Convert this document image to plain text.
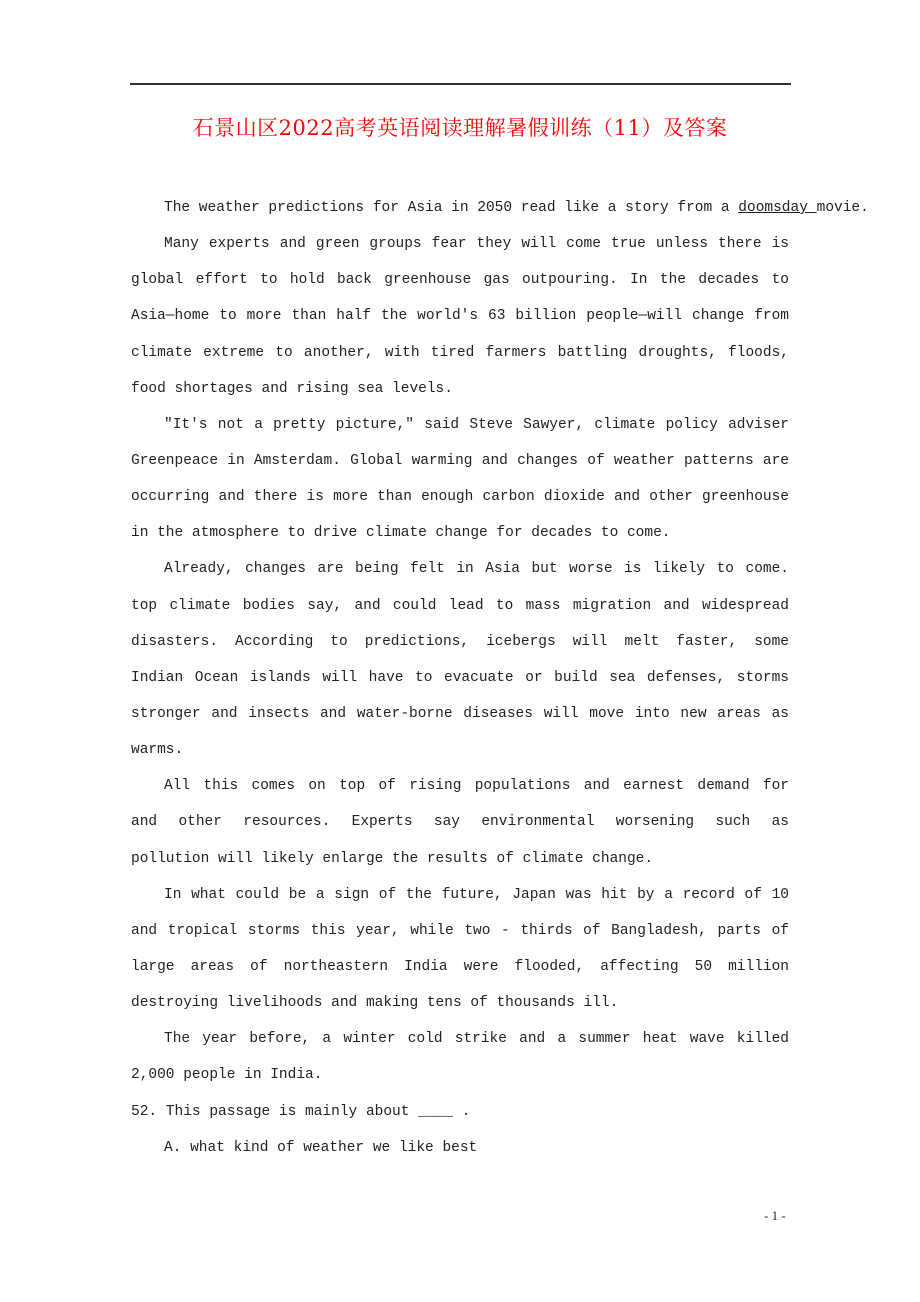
石景山区2022高考英语阅读理解暑假训练（11）及答案
The weather predictions for Asia in 2050 read like a story from a doomsday movie.
Many experts and green groups fear they will come true unless there is
global effort to hold back greenhouse gas outpouring. In the decades to
Asia—home to more than half the world's 63 billion people—will change from
climate extreme to another, with tired farmers battling droughts, floods,
food shortages and rising sea levels.
"It's not a pretty picture," said Steve Sawyer, climate policy adviser
Greenpeace in Amsterdam. Global warming and changes of weather patterns are
occurring and there is more than enough carbon dioxide and other greenhouse
in the atmosphere to drive climate change for decades to come.
Already, changes are being felt in Asia but worse is likely to come.
top climate bodies say, and could lead to mass migration and widespread
disasters. According to predictions, icebergs will melt faster, some
Indian Ocean islands will have to evacuate or build sea defenses, storms
stronger and insects and water-borne diseases will move into new areas as
warms.
All this comes on top of rising populations and earnest demand for
and other resources. Experts say environmental worsening such as
pollution will likely enlarge the results of climate change.
In what could be a sign of the future, Japan was hit by a record of 10
and tropical storms this year, while two - thirds of Bangladesh, parts of
large areas of northeastern India were flooded, affecting 50 million
destroying livelihoods and making tens of thousands ill.
The year before, a winter cold strike and a summer heat wave killed
2,000 people in India.
52. This passage is mainly about ____ .
A. what kind of weather we like best
- 1 -
